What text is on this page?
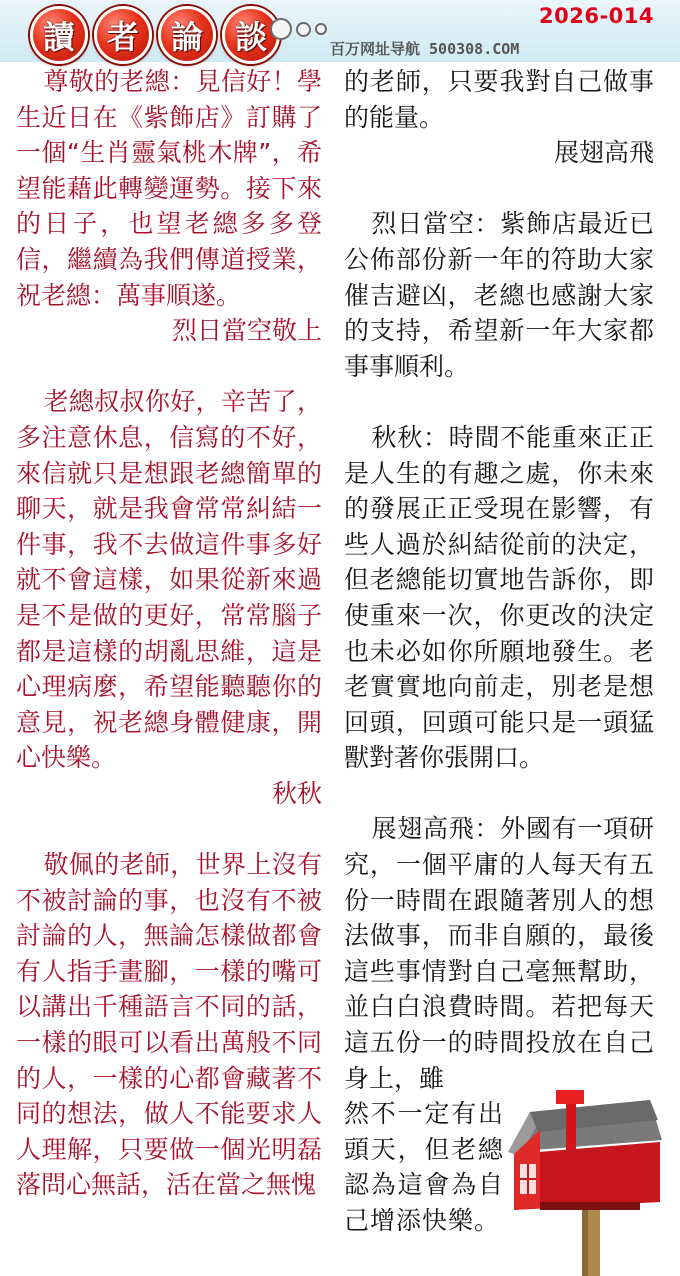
讀 者 論 談
2026-014
百万网址导航 500308.COM

尊敬的老總：見信好！學生近日在《紫飾店》訂購了一個“生肖靈氣桃木牌”，希望能藉此轉變運勢。接下來的日子，也望老總多多登信，繼續為我們傳道授業，祝老總：萬事順遂。

烈日當空敬上

老總叔叔你好，辛苦了，多注意休息，信寫的不好，來信就只是想跟老總簡單的聊天，就是我會常常糾結一件事，我不去做這件事多好就不會這樣，如果從新來過是不是做的更好，常常腦子都是這樣的胡亂思維，這是心理病麼，希望能聽聽你的意見，祝老總身體健康，開心快樂。

秋秋

敬佩的老師，世界上沒有不被討論的事，也沒有不被討論的人，無論怎樣做都會有人指手畫腳，一樣的嘴可以講出千種語言不同的話，一樣的眼可以看出萬般不同的人，一樣的心都會藏著不同的想法，做人不能要求人人理解，只要做一個光明磊落問心無話，活在當之無愧

的老師，只要我對自己做事的能量。

展翅高飛

烈日當空：紫飾店最近已公佈部份新一年的符助大家催吉避凶，老總也感謝大家的支持，希望新一年大家都事事順利。

秋秋：時間不能重來正正是人生的有趣之處，你未來的發展正正受現在影響，有些人過於糾結從前的決定，但老總能切實地告訴你，即使重來一次，你更改的決定也未必如你所願地發生。老老實實地向前走，別老是想回頭，回頭可能只是一頭猛獸對著你張開口。

展翅高飛：外國有一項研究，一個平庸的人每天有五份一時間在跟隨著別人的想法做事，而非自願的，最後這些事情對自己毫無幫助，並白白浪費時間。若把每天這五份一的時間投放在自己身上，雖

然不一定有出頭天，但老總認為這會為自己增添快樂。
